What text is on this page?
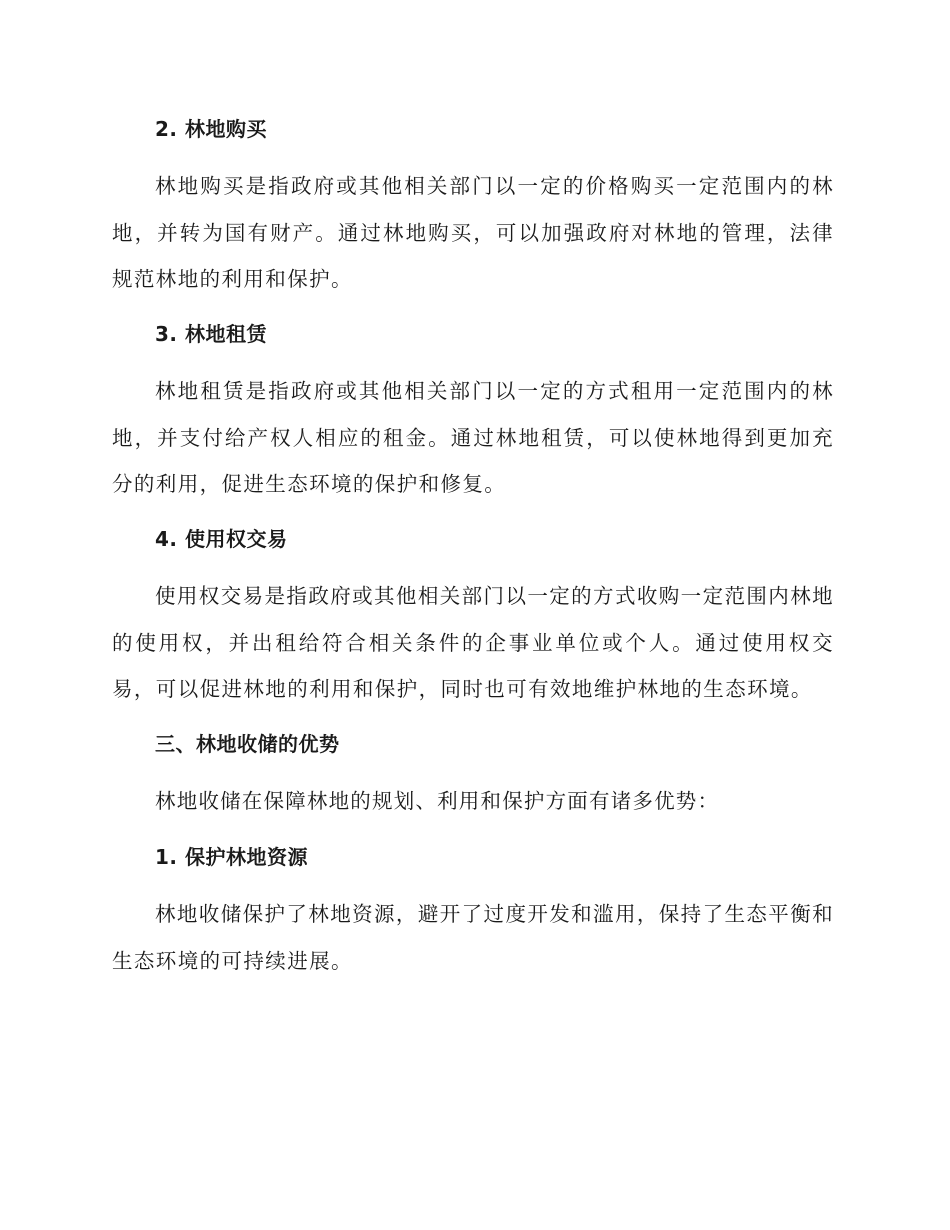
2. 林地购买

林地购买是指政府或其他相关部门以一定的价格购买一定范围内的林地，并转为国有财产。通过林地购买，可以加强政府对林地的管理，法律规范林地的利用和保护。

3. 林地租赁

林地租赁是指政府或其他相关部门以一定的方式租用一定范围内的林地，并支付给产权人相应的租金。通过林地租赁，可以使林地得到更加充分的利用，促进生态环境的保护和修复。

4. 使用权交易

使用权交易是指政府或其他相关部门以一定的方式收购一定范围内林地的使用权，并出租给符合相关条件的企事业单位或个人。通过使用权交易，可以促进林地的利用和保护，同时也可有效地维护林地的生态环境。

三、林地收储的优势

林地收储在保障林地的规划、利用和保护方面有诸多优势：

1. 保护林地资源

林地收储保护了林地资源，避开了过度开发和滥用，保持了生态平衡和生态环境的可持续进展。
